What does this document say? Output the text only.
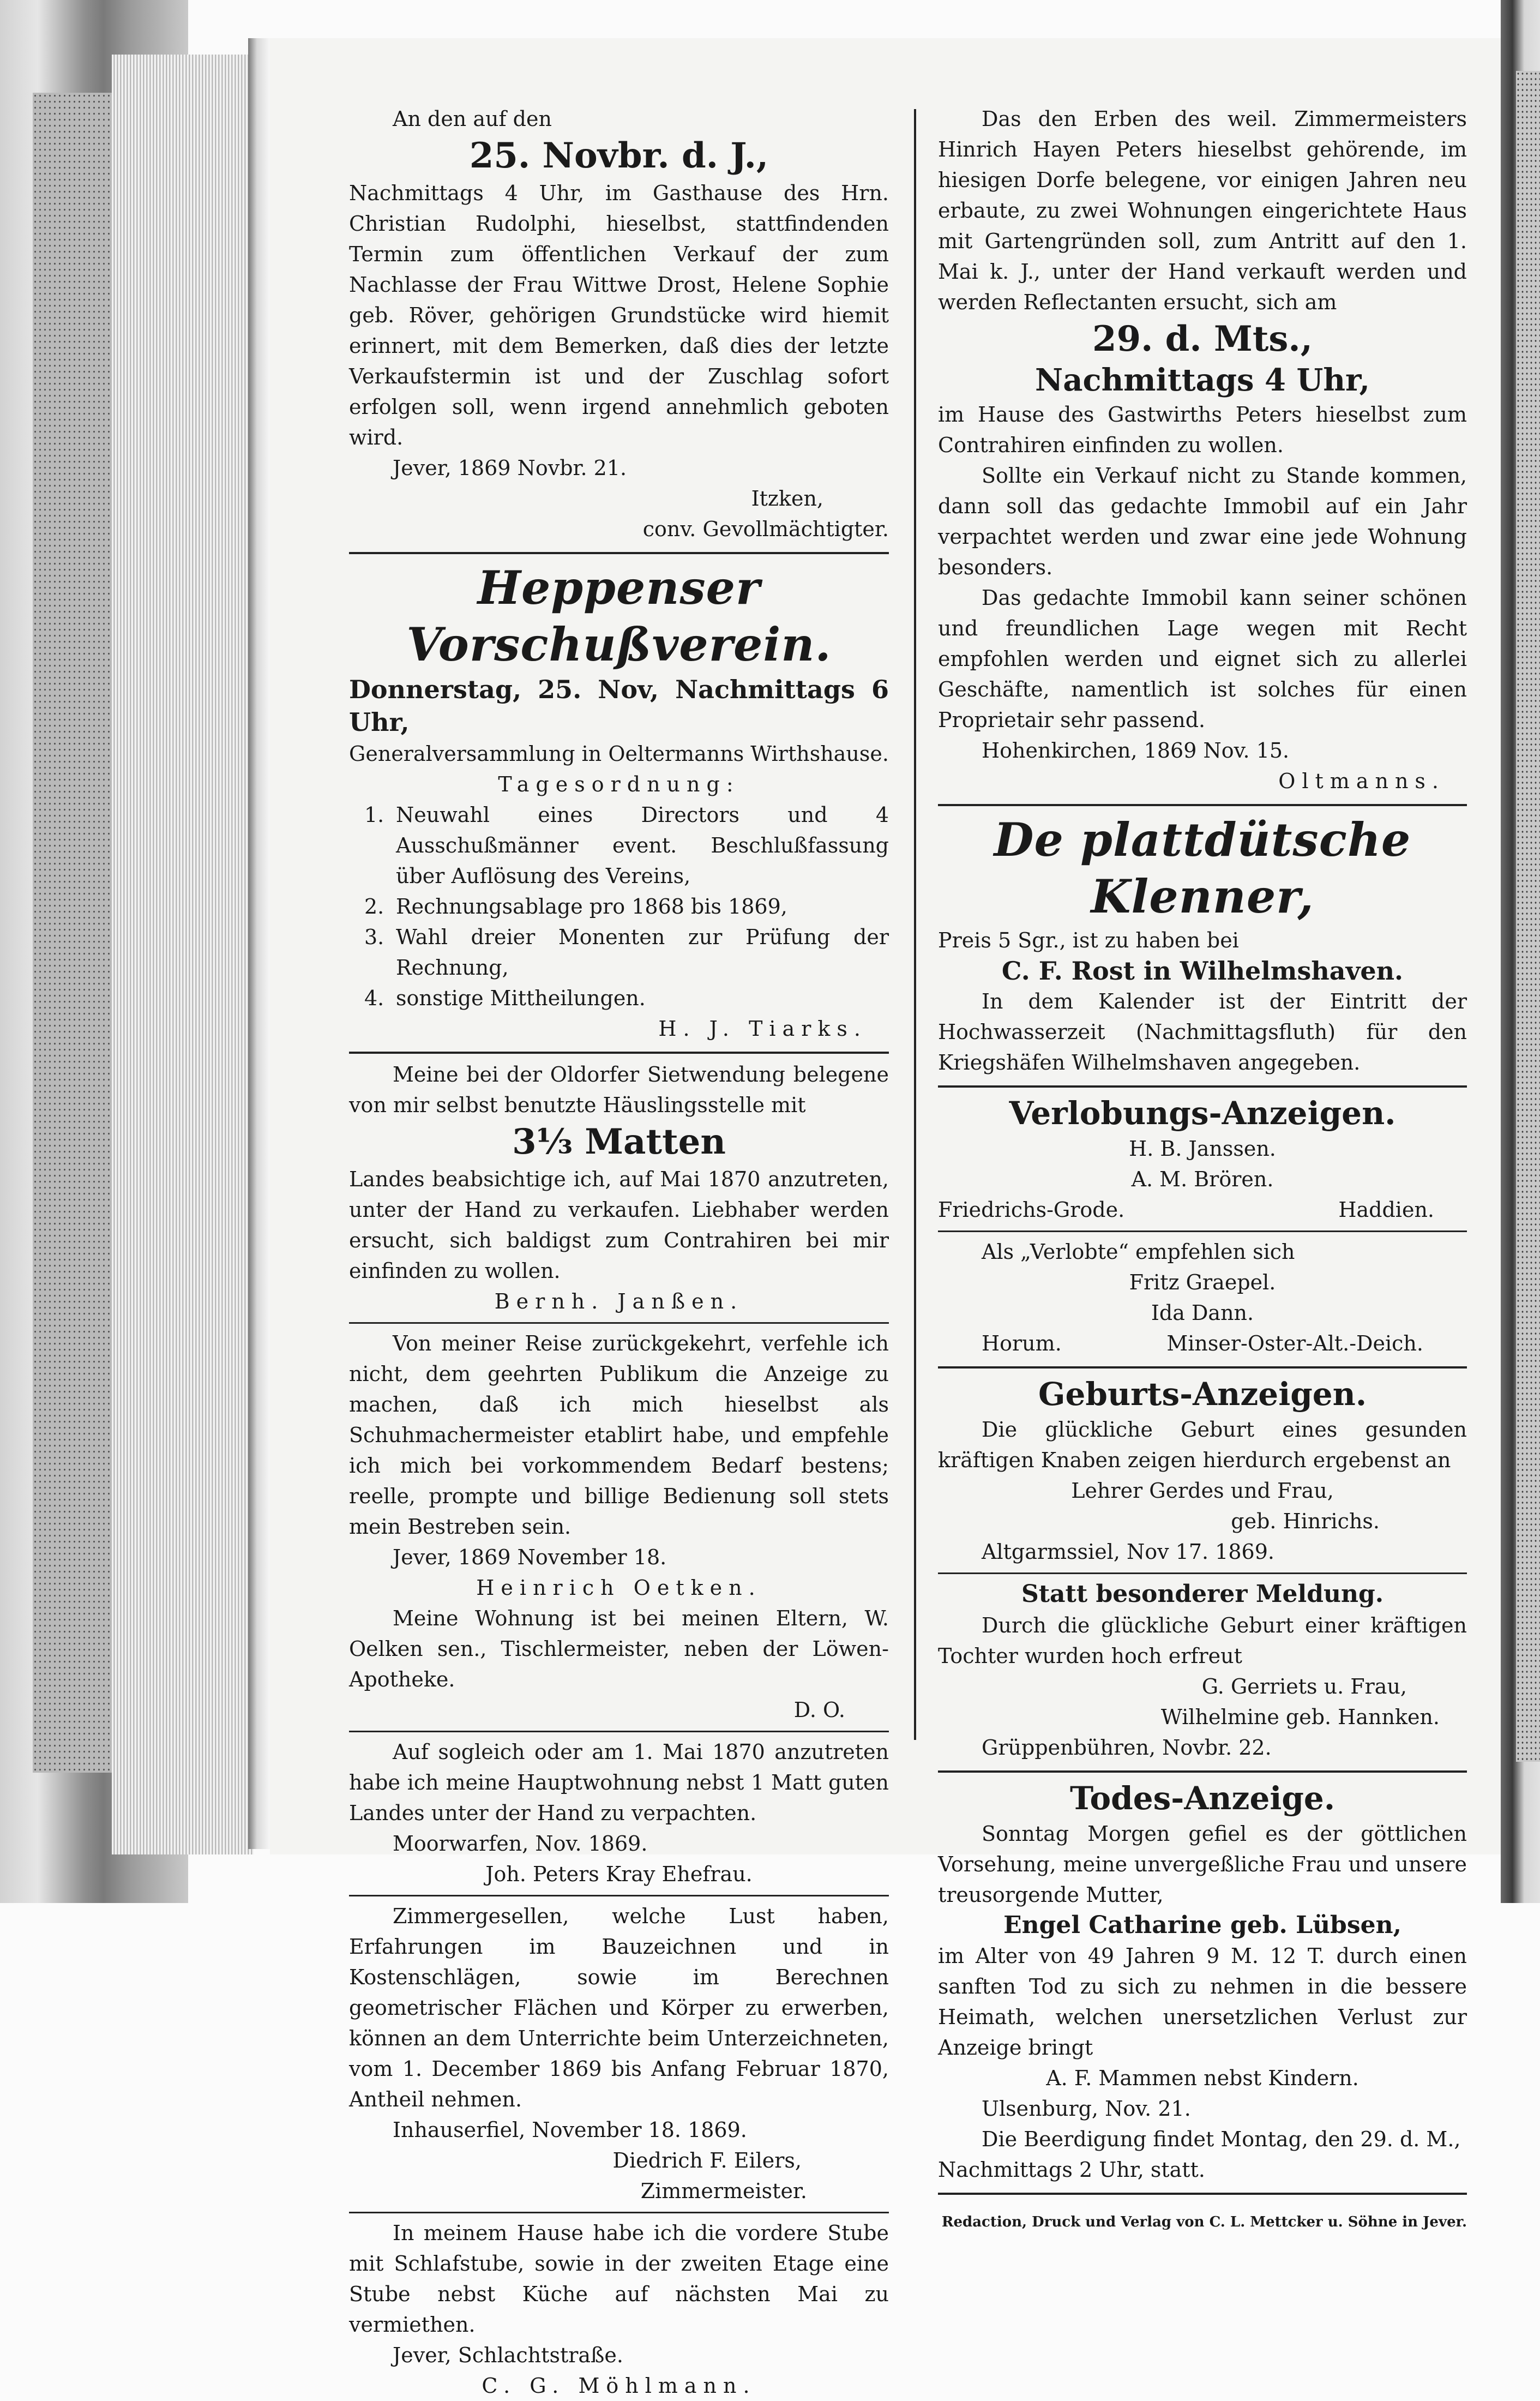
An den auf den

25. Novbr. d. J.,

Nachmittags 4 Uhr, im Gasthause des Hrn. Christian Rudolphi, hieselbst, stattfindenden Termin zum öffentlichen Verkauf der zum Nachlasse der Frau Wittwe Drost, Helene Sophie geb. Röver, gehörigen Grundstücke wird hiemit erinnert, mit dem Bemerken, daß dies der letzte Verkaufstermin ist und der Zuschlag sofort erfolgen soll, wenn irgend annehmlich geboten wird.

Jever, 1869 Novbr. 21.

Itzken,

conv. Gevollmächtigter.

Heppenser Vorschußverein.

Donnerstag, 25. Nov, Nachmittags 6 Uhr,

Generalversammlung in Oeltermanns Wirthshause.

Tagesordnung:

1. Neuwahl eines Directors und 4 Ausschußmänner event. Beschlußfassung über Auflösung des Vereins,
2. Rechnungsablage pro 1868 bis 1869,
3. Wahl dreier Monenten zur Prüfung der Rechnung,
4. sonstige Mittheilungen.

H. J. Tiarks.

Meine bei der Oldorfer Sietwendung belegene von mir selbst benutzte Häuslingsstelle mit

3⅓ Matten

Landes beabsichtige ich, auf Mai 1870 anzutreten, unter der Hand zu verkaufen. Liebhaber werden ersucht, sich baldigst zum Contrahiren bei mir einfinden zu wollen.

Bernh. Janßen.

Von meiner Reise zurückgekehrt, verfehle ich nicht, dem geehrten Publikum die Anzeige zu machen, daß ich mich hieselbst als Schuhmachermeister etablirt habe, und empfehle ich mich bei vorkommendem Bedarf bestens; reelle, prompte und billige Bedienung soll stets mein Bestreben sein.

Jever, 1869 November 18.

Heinrich Oetken.

Meine Wohnung ist bei meinen Eltern, W. Oelken sen., Tischlermeister, neben der Löwen-Apotheke.

D. O.

Auf sogleich oder am 1. Mai 1870 anzutreten habe ich meine Hauptwohnung nebst 1 Matt guten Landes unter der Hand zu verpachten.

Moorwarfen, Nov. 1869.

Joh. Peters Kray Ehefrau.

Zimmergesellen, welche Lust haben, Erfahrungen im Bauzeichnen und in Kostenschlägen, sowie im Berechnen geometrischer Flächen und Körper zu erwerben, können an dem Unterrichte beim Unterzeichneten, vom 1. December 1869 bis Anfang Februar 1870, Antheil nehmen.

Inhauserfiel, November 18. 1869.

Diedrich F. Eilers,

Zimmermeister.

In meinem Hause habe ich die vordere Stube mit Schlafstube, sowie in der zweiten Etage eine Stube nebst Küche auf nächsten Mai zu vermiethen.

Jever, Schlachtstraße.

C. G. Möhlmann.

Das den Erben des weil. Zimmermeisters Hinrich Hayen Peters hieselbst gehörende, im hiesigen Dorfe belegene, vor einigen Jahren neu erbaute, zu zwei Wohnungen eingerichtete Haus mit Gartengründen soll, zum Antritt auf den 1. Mai k. J., unter der Hand verkauft werden und werden Reflectanten ersucht, sich am

29. d. Mts.,

Nachmittags 4 Uhr,

im Hause des Gastwirths Peters hieselbst zum Contrahiren einfinden zu wollen.

Sollte ein Verkauf nicht zu Stande kommen, dann soll das gedachte Immobil auf ein Jahr verpachtet werden und zwar eine jede Wohnung besonders.

Das gedachte Immobil kann seiner schönen und freundlichen Lage wegen mit Recht empfohlen werden und eignet sich zu allerlei Geschäfte, namentlich ist solches für einen Proprietair sehr passend.

Hohenkirchen, 1869 Nov. 15.

Oltmanns.

De plattdütsche Klenner,

Preis 5 Sgr., ist zu haben bei

C. F. Rost in Wilhelmshaven.

In dem Kalender ist der Eintritt der Hochwasserzeit (Nachmittagsfluth) für den Kriegshäfen Wilhelmshaven angegeben.

Verlobungs-Anzeigen.

H. B. Janssen.

A. M. Brören.

Friedrichs-Grode.	Haddien.

Als „Verlobte“ empfehlen sich

Fritz Graepel.

Ida Dann.

Horum.	Minser-Oster-Alt.-Deich.

Geburts-Anzeigen.

Die glückliche Geburt eines gesunden kräftigen Knaben zeigen hierdurch ergebenst an

Lehrer Gerdes und Frau,

geb. Hinrichs.

Altgarmssiel, Nov 17. 1869.

Statt besonderer Meldung.

Durch die glückliche Geburt einer kräftigen Tochter wurden hoch erfreut

G. Gerriets u. Frau,

Wilhelmine geb. Hannken.

Grüppenbühren, Novbr. 22.

Todes-Anzeige.

Sonntag Morgen gefiel es der göttlichen Vorsehung, meine unvergeßliche Frau und unsere treusorgende Mutter,

Engel Catharine geb. Lübsen,

im Alter von 49 Jahren 9 M. 12 T. durch einen sanften Tod zu sich zu nehmen in die bessere Heimath, welchen unersetzlichen Verlust zur Anzeige bringt

A. F. Mammen nebst Kindern.

Ulsenburg, Nov. 21.

Die Beerdigung findet Montag, den 29. d. M.,

Nachmittags 2 Uhr, statt.

Redaction, Druck und Verlag von C. L. Mettcker u. Söhne in Jever.
